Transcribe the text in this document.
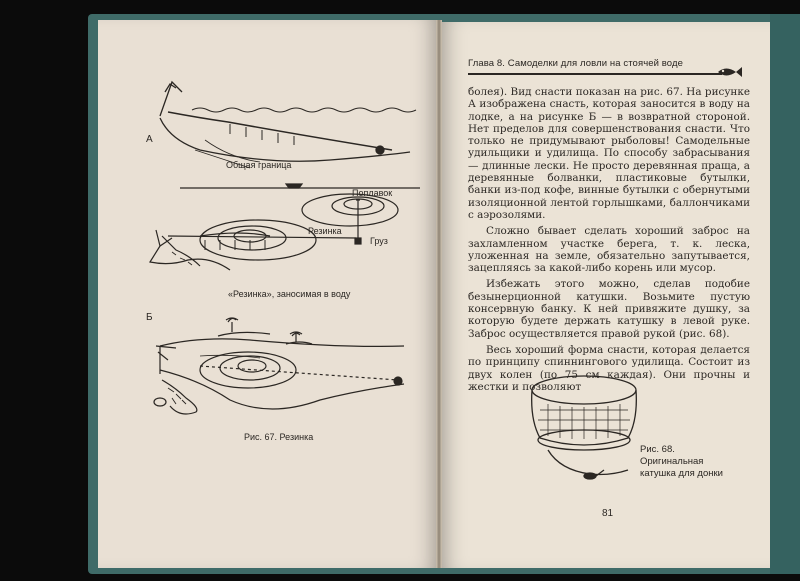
А
Общая граница
Поплавок
Резинка
Груз
«Резинка», заносимая в воду
Б
Рис. 67. Резинка
Глава 8. Самоделки для ловли на стоячей воде

болея). Вид снасти показан на рис. 67. На рисунке А изображена снасть, которая заносится в воду на лодке, а на рисунке Б — в возвратной стороной. Нет пределов для совершенствования снасти. Что только не придумывают рыболовы! Самодельные удильщики и удилища. По способу забрасывания — длинные лески. Не просто деревянная праща, а деревянные болванки, пластиковые бутылки, банки из-под кофе, винные бутылки с обернутыми изоляционной лентой горлышками, баллончиками с аэрозолями.

Сложно бывает сделать хороший заброс на захламленном участке берега, т. к. леска, уложенная на земле, обязательно запутывается, зацепляясь за какой-либо корень или мусор.

Избежать этого можно, сделав подобие безынерционной катушки. Возьмите пустую консервную банку. К ней привяжите душку, за которую будете держать катушку в левой руке. Заброс осуществляется правой рукой (рис. 68).

Весь хороший форма снасти, которая делается по принципу спиннингового удилища. Состоит из двух колен (по 75 см каждая). Они прочны и жестки и позволяют

Рис. 68. Оригинальная катушка для донки
81
